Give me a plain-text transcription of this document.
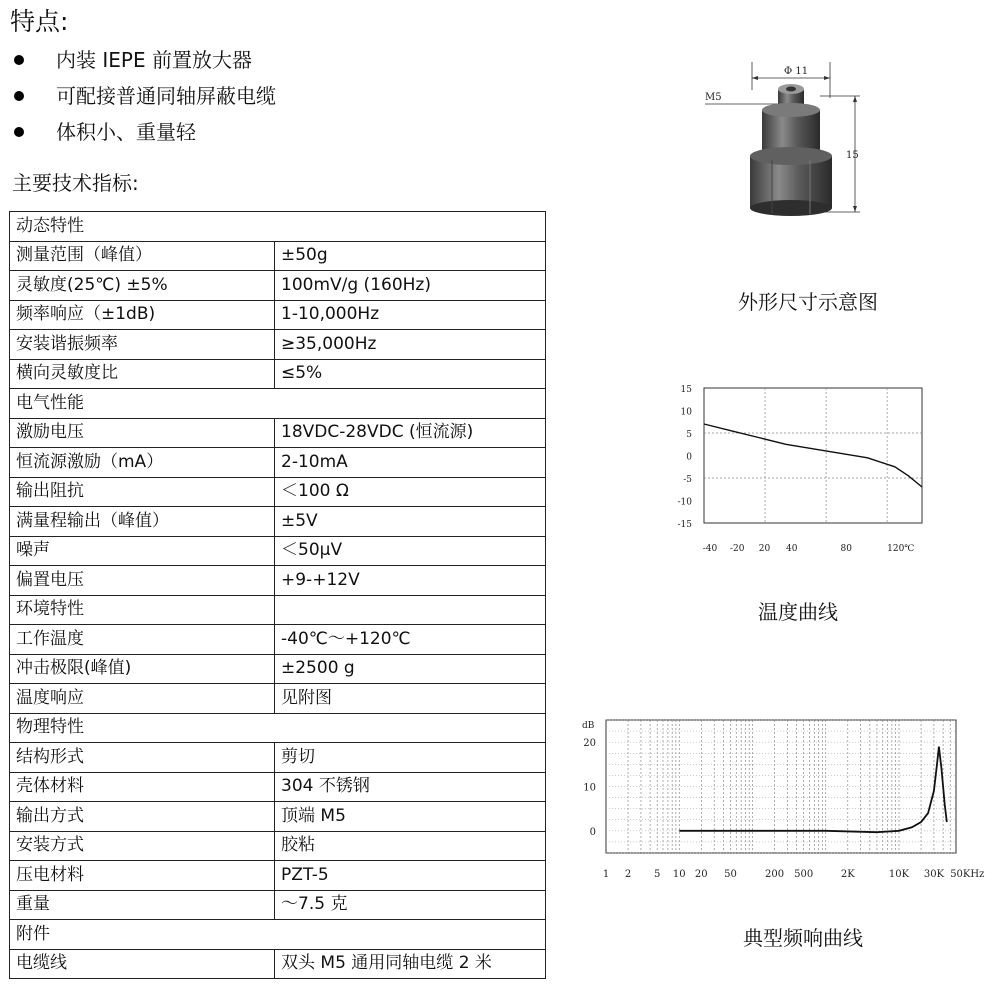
特点:
内装 IEPE 前置放大器
可配接普通同轴屏蔽电缆
体积小、重量轻
主要技术指标:
动态特性	
测量范围（峰值）	±50g
灵敏度(25℃) ±5%	100mV/g (160Hz)
频率响应（±1dB)	1-10,000Hz
安装谐振频率	≥35,000Hz
横向灵敏度比	≤5%
电气性能	
激励电压	18VDC-28VDC (恒流源)
恒流源激励（mA）	2-10mA
输出阻抗	＜100 Ω
满量程输出（峰值）	±5V
噪声	＜50μV
偏置电压	+9-+12V
环境特性	
工作温度	-40℃～+120℃
冲击极限(峰值)	±2500 g
温度响应	见附图
物理特性	
结构形式	剪切
壳体材料	304 不锈钢
输出方式	顶端 M5
安装方式	胶粘
压电材料	PZT-5
重量	～7.5 克
附件	
电缆线	双头 M5 通用同轴电缆 2 米
Φ 11
M5
15
外形尺寸示意图
15
10
5
0
-5
-10
-15
-40 -20 20 40	80	120℃
温度曲线
dB
20
10
0
1 2 5 10 20 50	200 500	2K	10K 30K 50KHz
典型频响曲线
